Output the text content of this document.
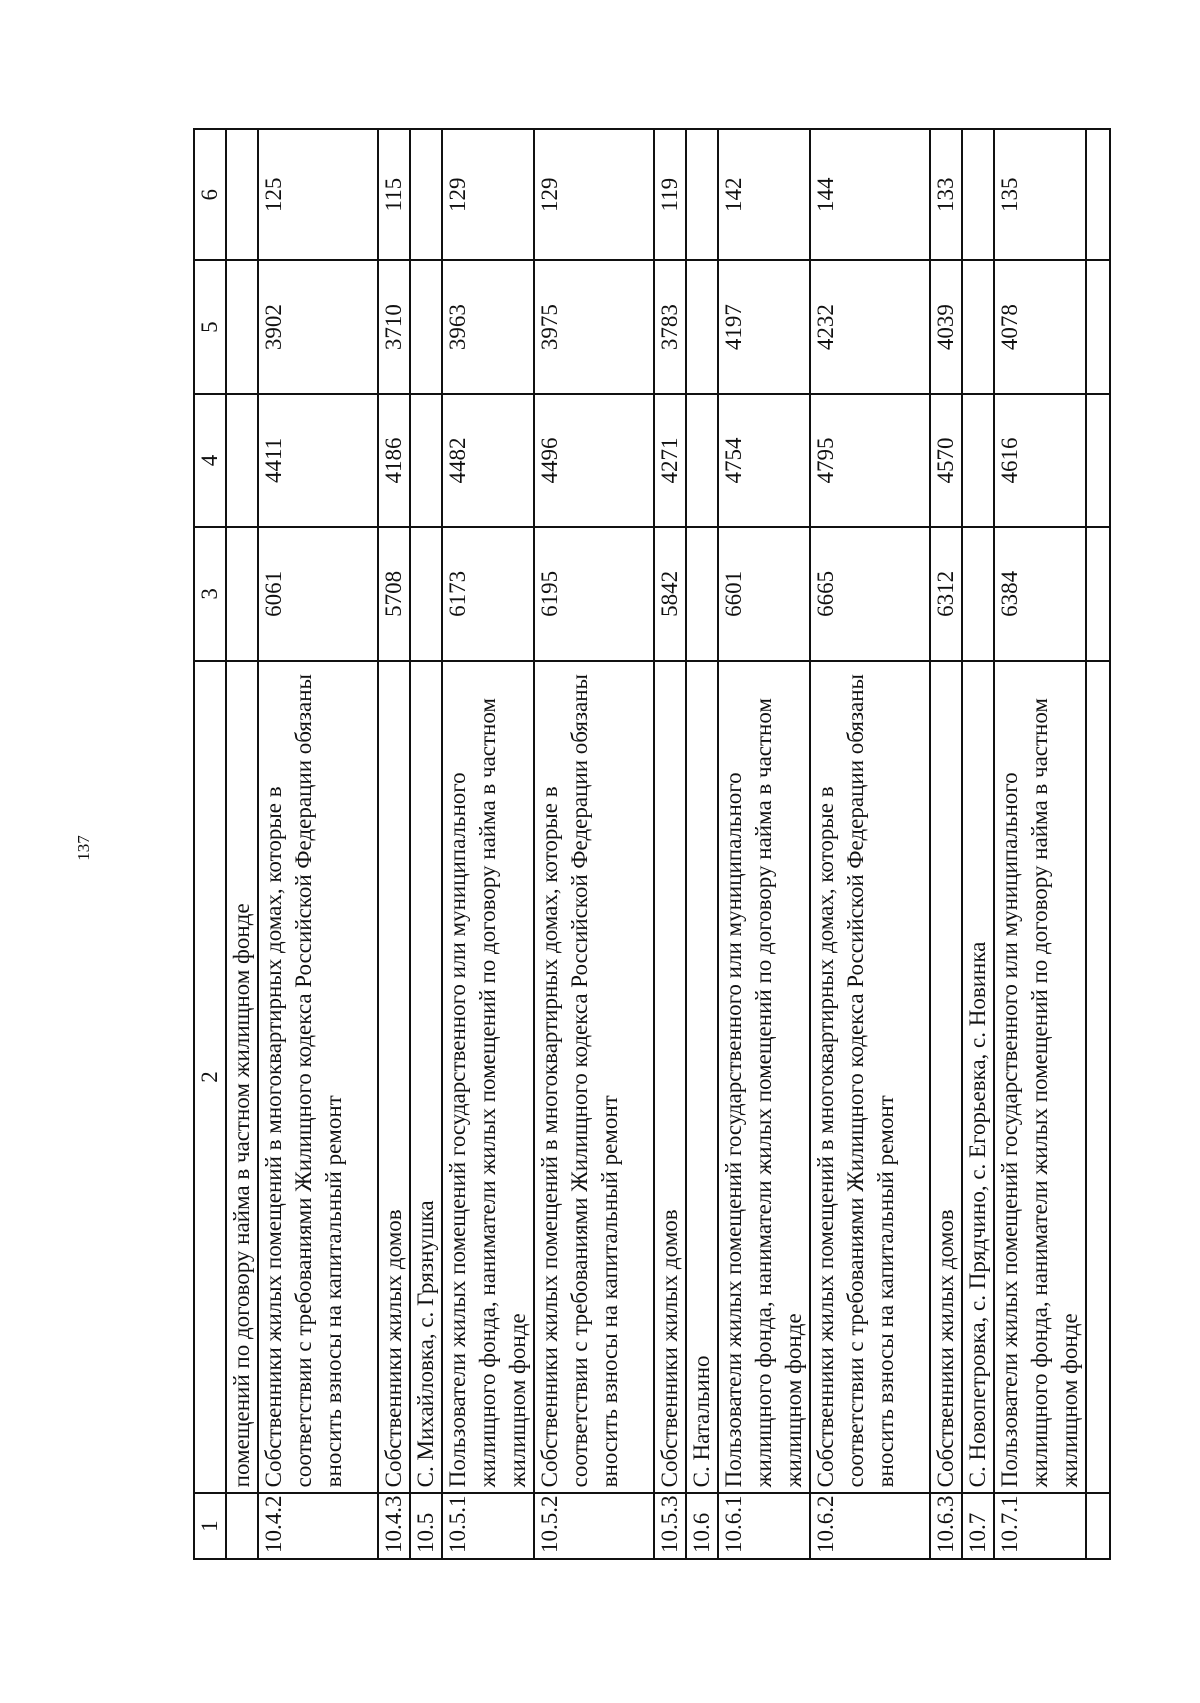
137
1	2	3	4	5	6
	помещений по договору найма в частном жилищном фонде				
10.4.2	Собственники жилых помещений в многоквартирных домах, которые в соответствии с требованиями Жилищного кодекса Российской Федерации обязаны вносить взносы на капитальный ремонт	6061	4411	3902	125
10.4.3	Собственники жилых домов	5708	4186	3710	115
10.5	С. Михайловка, с. Грязнушка				
10.5.1	Пользователи жилых помещений государственного или муниципального жилищного фонда, наниматели жилых помещений по договору найма в частном жилищном фонде	6173	4482	3963	129
10.5.2	Собственники жилых помещений в многоквартирных домах, которые в соответствии с требованиями Жилищного кодекса Российской Федерации обязаны вносить взносы на капитальный ремонт	6195	4496	3975	129
10.5.3	Собственники жилых домов	5842	4271	3783	119
10.6	С. Натальино				
10.6.1	Пользователи жилых помещений государственного или муниципального жилищного фонда, наниматели жилых помещений по договору найма в частном жилищном фонде	6601	4754	4197	142
10.6.2	Собственники жилых помещений в многоквартирных домах, которые в соответствии с требованиями Жилищного кодекса Российской Федерации обязаны вносить взносы на капитальный ремонт	6665	4795	4232	144
10.6.3	Собственники жилых домов	6312	4570	4039	133
10.7	С. Новопетровка, с. Прядчино, с. Егорьевка, с. Новинка				
10.7.1	Пользователи жилых помещений государственного или муниципального жилищного фонда, наниматели жилых помещений по договору найма в частном жилищном фонде	6384	4616	4078	135
